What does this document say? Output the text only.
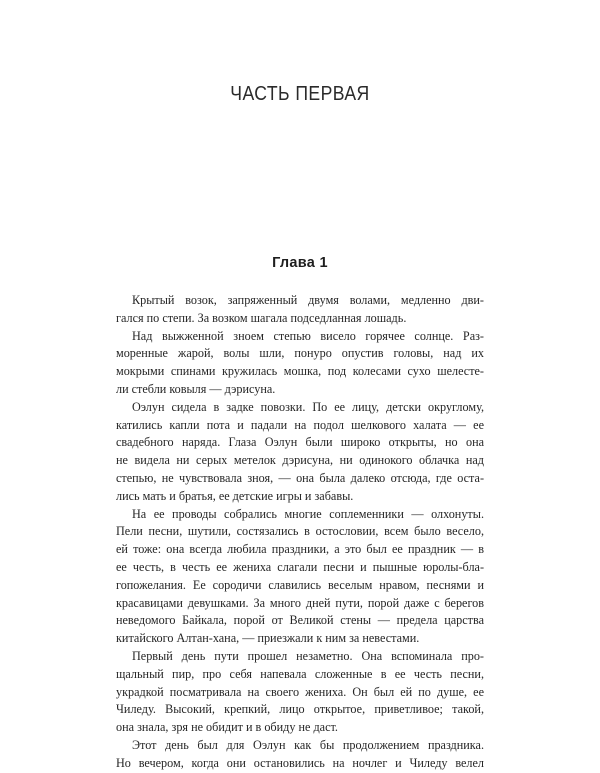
ЧАСТЬ ПЕРВАЯ
Глава 1
Крытый возок, запряженный двумя волами, медленно дви-
гался по степи. За возком шагала подседланная лошадь.
Над выжженной зноем степью висело горячее солнце. Раз-
моренные жарой, волы шли, понуро опустив головы, над их
мокрыми спинами кружилась мошка, под колесами сухо шелесте-
ли стебли ковыля — дэрисуна.
Оэлун сидела в задке повозки. По ее лицу, детски округлому,
катились капли пота и падали на подол шелкового халата — ее
свадебного наряда. Глаза Оэлун были широко открыты, но она
не видела ни серых метелок дэрисуна, ни одинокого облачка над
степью, не чувствовала зноя, — она была далеко отсюда, где оста-
лись мать и братья, ее детские игры и забавы.
На ее проводы собрались многие соплеменники — олхонуты.
Пели песни, шутили, состязались в остословии, всем было весело,
ей тоже: она всегда любила праздники, а это был ее праздник — в
ее честь, в честь ее жениха слагали песни и пышные юролы-бла-
гопожелания. Ее сородичи славились веселым нравом, песнями и
красавицами девушками. За много дней пути, порой даже с берегов
неведомого Байкала, порой от Великой стены — предела царства
китайского Алтан-хана, — приезжали к ним за невестами.
Первый день пути прошел незаметно. Она вспоминала про-
щальный пир, про себя напевала сложенные в ее честь песни,
украдкой посматривала на своего жениха. Он был ей по душе, ее
Чиледу. Высокий, крепкий, лицо открытое, приветливое; такой,
она знала, зря не обидит и в обиду не даст.
Этот день был для Оэлун как бы продолжением праздника.
Но вечером, когда они остановились на ночлег и Чиледу велел
